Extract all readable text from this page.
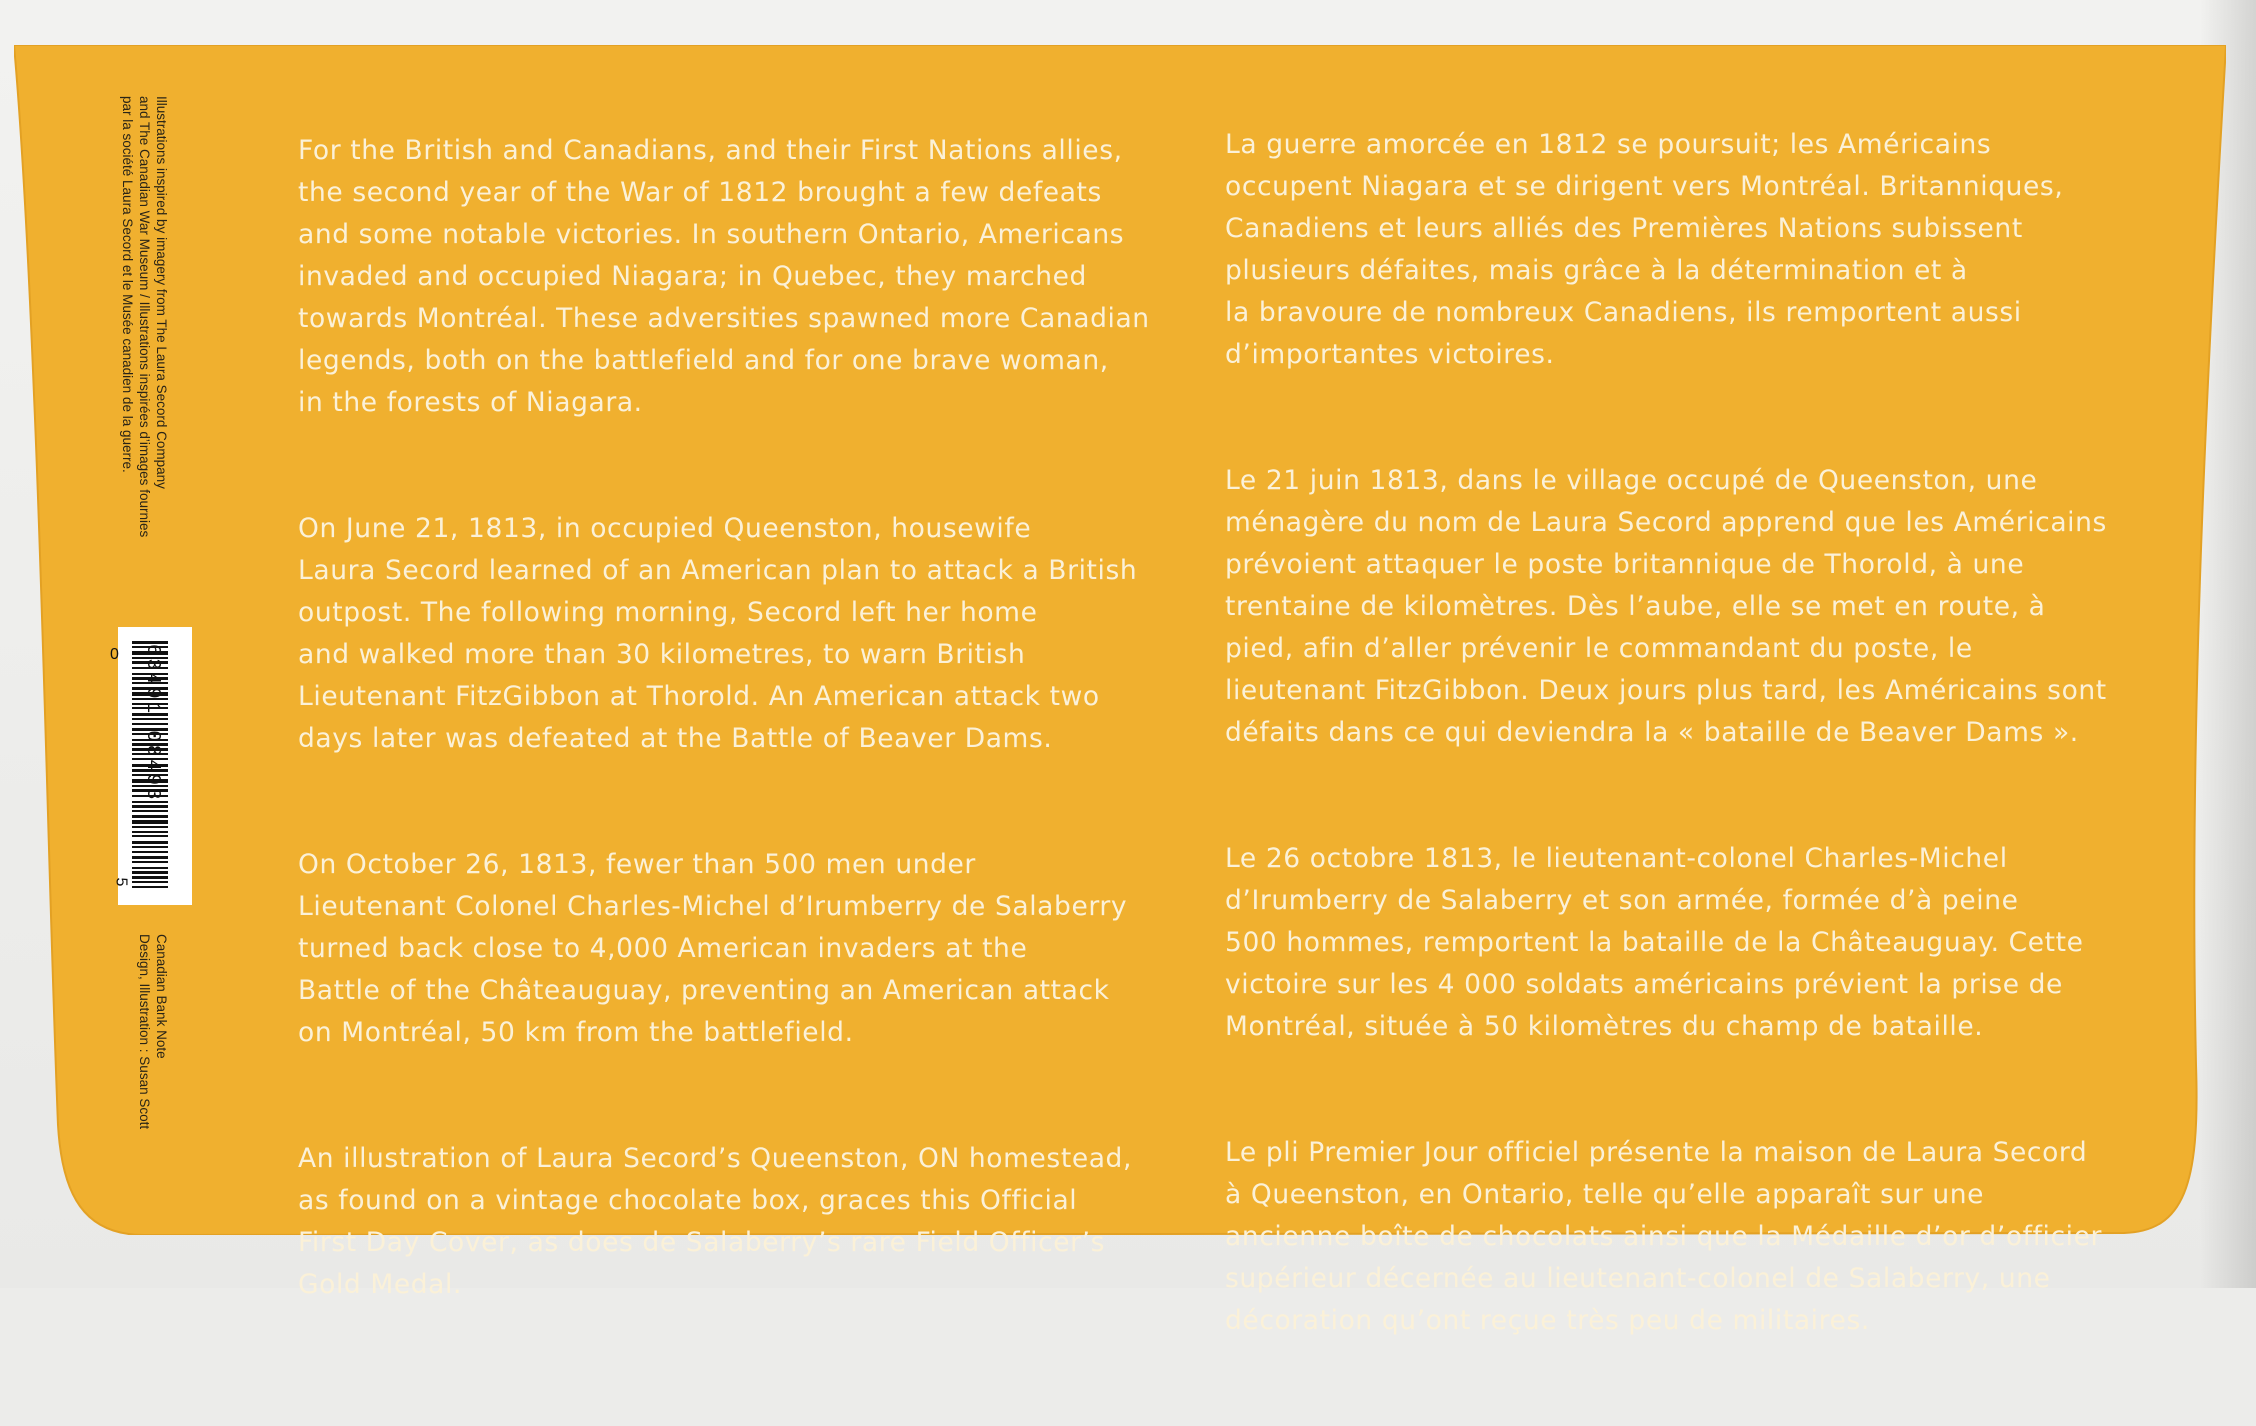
For the British and Canadians, and their First Nations allies,
the second year of the War of 1812 brought a few defeats
and some notable victories. In southern Ontario, Americans
invaded and occupied Niagara; in Quebec, they marched
towards Montréal. These adversities spawned more Canadian
legends, both on the battlefield and for one brave woman,
in the forests of Niagara.

On June 21, 1813, in occupied Queenston, housewife
Laura Secord learned of an American plan to attack a British
outpost. The following morning, Secord left her home
and walked more than 30 kilometres, to warn British
Lieutenant FitzGibbon at Thorold. An American attack two
days later was defeated at the Battle of Beaver Dams.

On October 26, 1813, fewer than 500 men under
Lieutenant Colonel Charles-Michel d’Irumberry de Salaberry
turned back close to 4,000 American invaders at the
Battle of the Châteauguay, preventing an American attack
on Montréal, 50 km from the battlefield.

An illustration of Laura Secord’s Queenston, ON homestead,
as found on a vintage chocolate box, graces this Official
First Day Cover, as does de Salaberry’s rare Field Officer’s
Gold Medal.

La guerre amorcée en 1812 se poursuit; les Américains
occupent Niagara et se dirigent vers Montréal. Britanniques,
Canadiens et leurs alliés des Premières Nations subissent
plusieurs défaites, mais grâce à la détermination et à
la bravoure de nombreux Canadiens, ils remportent aussi
d’importantes victoires.

Le 21 juin 1813, dans le village occupé de Queenston, une
ménagère du nom de Laura Secord apprend que les Américains
prévoient attaquer le poste britannique de Thorold, à une
trentaine de kilomètres. Dès l’aube, elle se met en route, à
pied, afin d’aller prévenir le commandant du poste, le
lieutenant FitzGibbon. Deux jours plus tard, les Américains sont
défaits dans ce qui deviendra la « bataille de Beaver Dams ».

Le 26 octobre 1813, le lieutenant-colonel Charles-Michel
d’Irumberry de Salaberry et son armée, formée d’à peine
500 hommes, remportent la bataille de la Châteauguay. Cette
victoire sur les 4 000 soldats américains prévient la prise de
Montréal, située à 50 kilomètres du champ de bataille.

Le pli Premier Jour officiel présente la maison de Laura Secord
à Queenston, en Ontario, telle qu’elle apparaît sur une
ancienne boîte de chocolats ainsi que la Médaille d’or d’officier
supérieur décernée au lieutenant-colonel de Salaberry, une
décoration qu’ont reçue très peu de militaires.

Illustrations inspired by imagery from The Laura Secord Company
and The Canadian War Museum / Illustrations inspirées d’images fournies
par la société Laura Secord et le Musée canadien de la guerre.
Canadian Bank Note
Design, Illustration : Susan Scott
0 63491 08493
5
